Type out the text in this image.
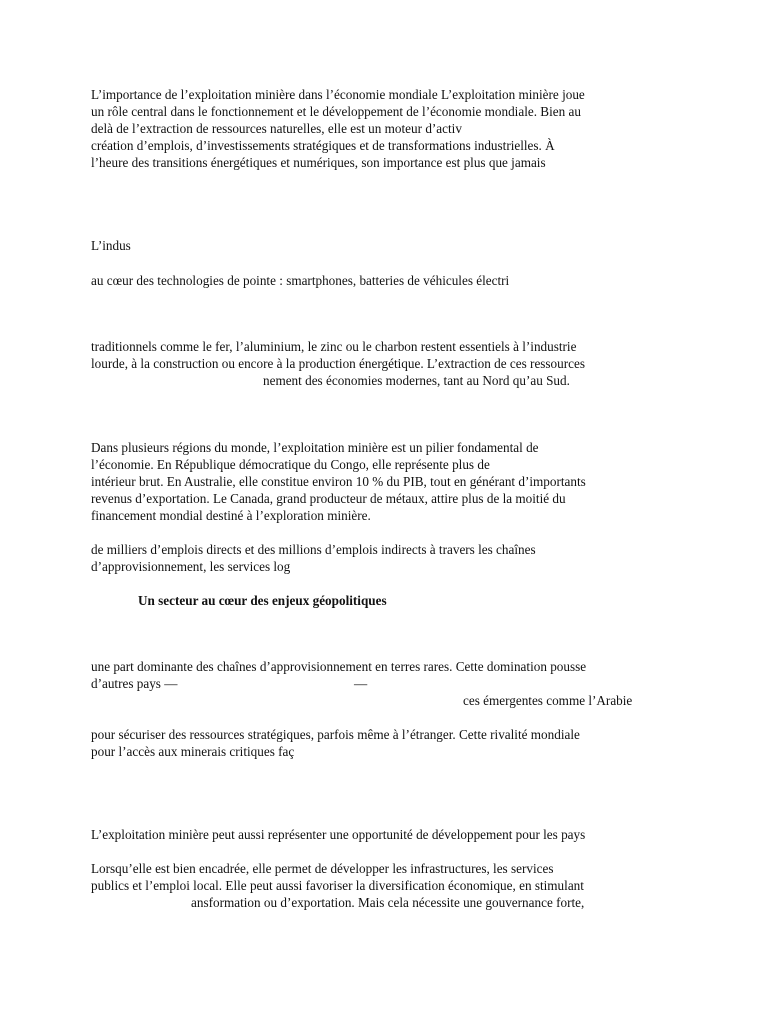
L’importance de l’exploitation minière dans l’économie mondiale L’exploitation minière joue

un rôle central dans le fonctionnement et le développement de l’économie mondiale. Bien au

delà de l’extraction de ressources naturelles, elle est un moteur d’activ

création d’emplois, d’investissements stratégiques et de transformations industrielles. À

l’heure des transitions énergétiques et numériques, son importance est plus que jamais

L’indus

au cœur des technologies de pointe : smartphones, batteries de véhicules électri

traditionnels comme le fer, l’aluminium, le zinc ou le charbon restent essentiels à l’industrie

lourde, à la construction ou encore à la production énergétique. L’extraction de ces ressources

nement des économies modernes, tant au Nord qu’au Sud.

Dans plusieurs régions du monde, l’exploitation minière est un pilier fondamental de

l’économie. En République démocratique du Congo, elle représente plus de

intérieur brut. En Australie, elle constitue environ 10 % du PIB, tout en générant d’importants

revenus d’exportation. Le Canada, grand producteur de métaux, attire plus de la moitié du

financement mondial destiné à l’exploration minière.

de milliers d’emplois directs et des millions d’emplois indirects à travers les chaînes

d’approvisionnement, les services log

Un secteur au cœur des enjeux géopolitiques

une part dominante des chaînes d’approvisionnement en terres rares. Cette domination pousse

d’autres pays —	—

ces émergentes comme l’Arabie

pour sécuriser des ressources stratégiques, parfois même à l’étranger. Cette rivalité mondiale

pour l’accès aux minerais critiques faç

L’exploitation minière peut aussi représenter une opportunité de développement pour les pays

Lorsqu’elle est bien encadrée, elle permet de développer les infrastructures, les services

publics et l’emploi local. Elle peut aussi favoriser la diversification économique, en stimulant

ansformation ou d’exportation. Mais cela nécessite une gouvernance forte,
